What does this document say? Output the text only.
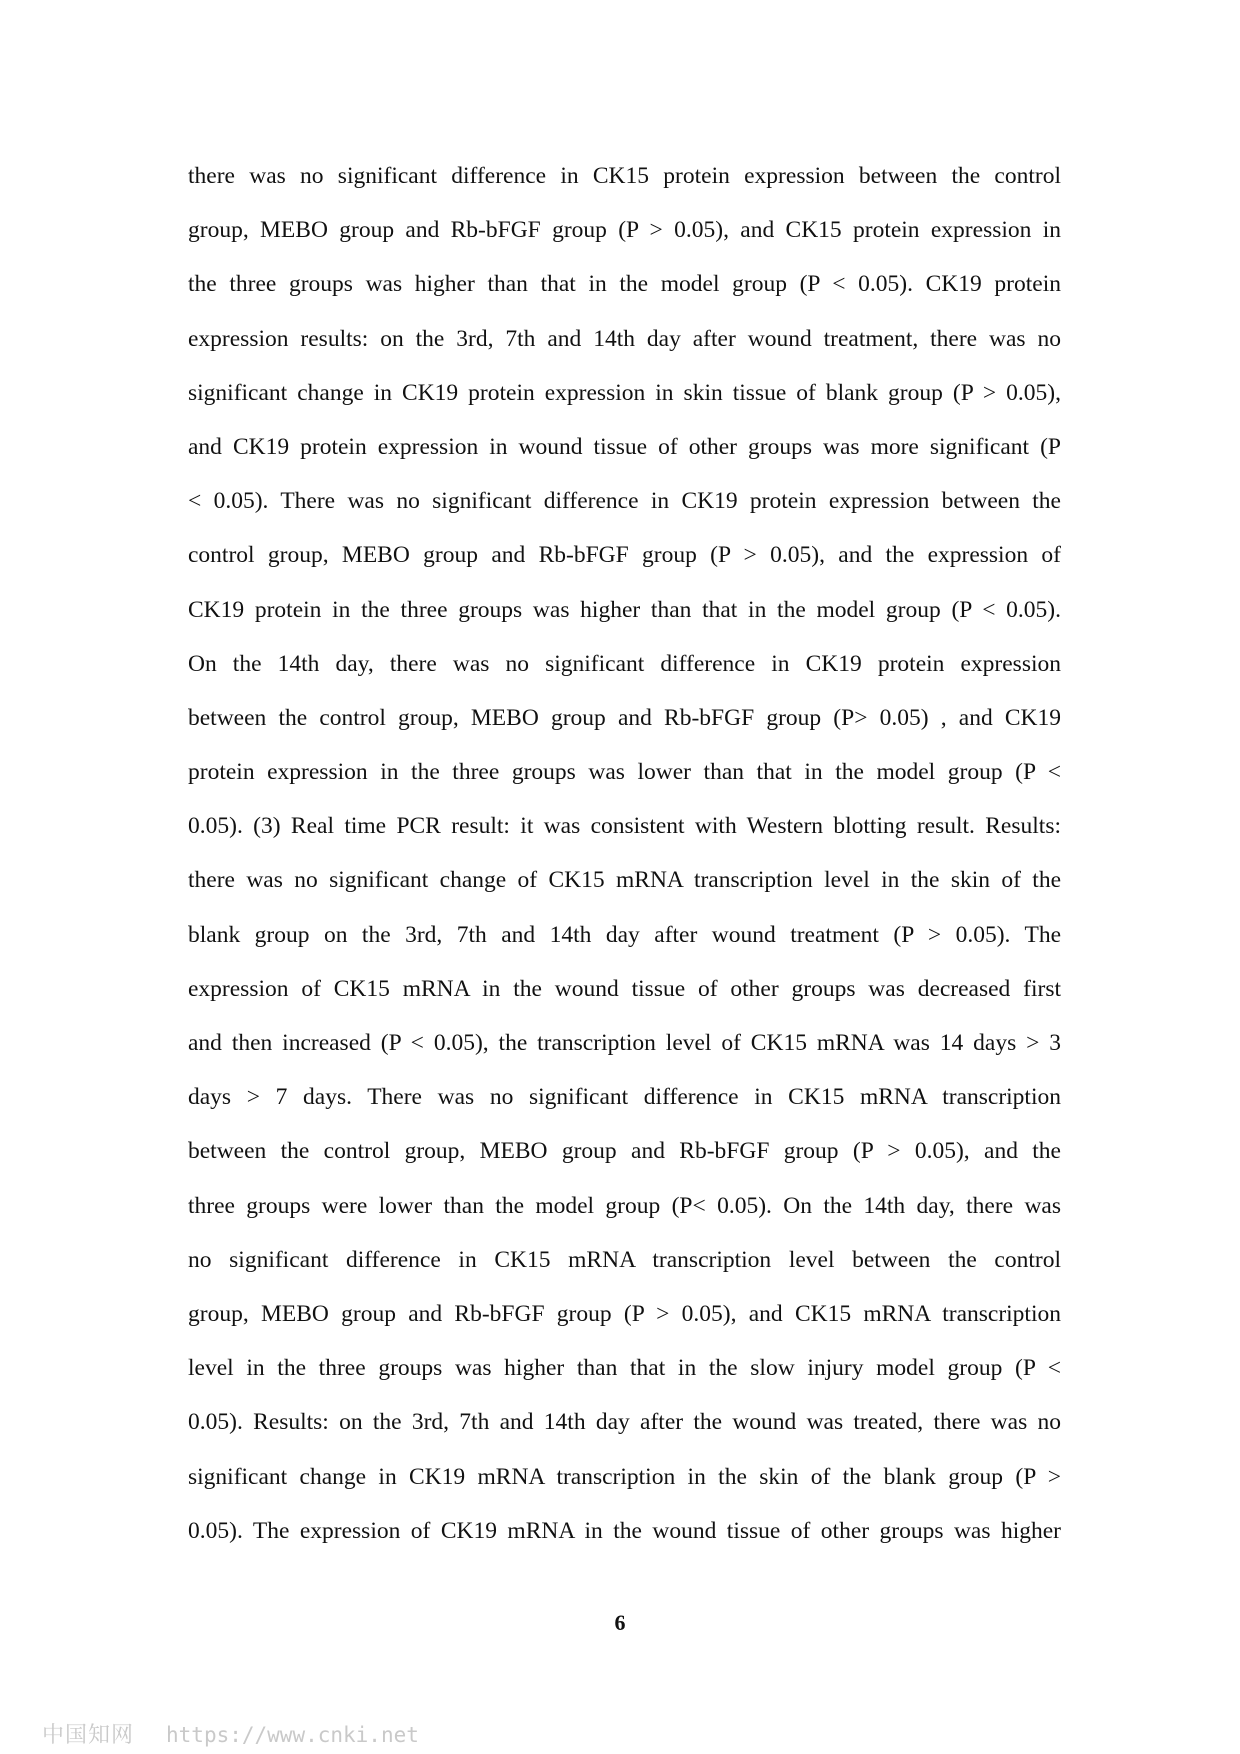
there was no significant difference in CK15 protein expression between the control
group, MEBO group and Rb-bFGF group (P > 0.05), and CK15 protein expression in
the three groups was higher than that in the model group (P < 0.05). CK19 protein
expression results: on the 3rd, 7th and 14th day after wound treatment, there was no
significant change in CK19 protein expression in skin tissue of blank group (P > 0.05),
and CK19 protein expression in wound tissue of other groups was more significant (P
< 0.05). There was no significant difference in CK19 protein expression between the
control group, MEBO group and Rb-bFGF group (P > 0.05), and the expression of
CK19 protein in the three groups was higher than that in the model group (P < 0.05).
On the 14th day, there was no significant difference in CK19 protein expression
between the control group, MEBO group and Rb-bFGF group (P> 0.05) , and CK19
protein expression in the three groups was lower than that in the model group (P <
0.05). (3) Real time PCR result: it was consistent with Western blotting result. Results:
there was no significant change of CK15 mRNA transcription level in the skin of the
blank group on the 3rd, 7th and 14th day after wound treatment (P > 0.05). The
expression of CK15 mRNA in the wound tissue of other groups was decreased first
and then increased (P < 0.05), the transcription level of CK15 mRNA was 14 days > 3
days > 7 days. There was no significant difference in CK15 mRNA transcription
between the control group, MEBO group and Rb-bFGF group (P > 0.05), and the
three groups were lower than the model group (P< 0.05). On the 14th day, there was
no significant difference in CK15 mRNA transcription level between the control
group, MEBO group and Rb-bFGF group (P > 0.05), and CK15 mRNA transcription
level in the three groups was higher than that in the slow injury model group (P <
0.05). Results: on the 3rd, 7th and 14th day after the wound was treated, there was no
significant change in CK19 mRNA transcription in the skin of the blank group (P >
0.05). The expression of CK19 mRNA in the wound tissue of other groups was higher
6
中国知网 https://www.cnki.net
